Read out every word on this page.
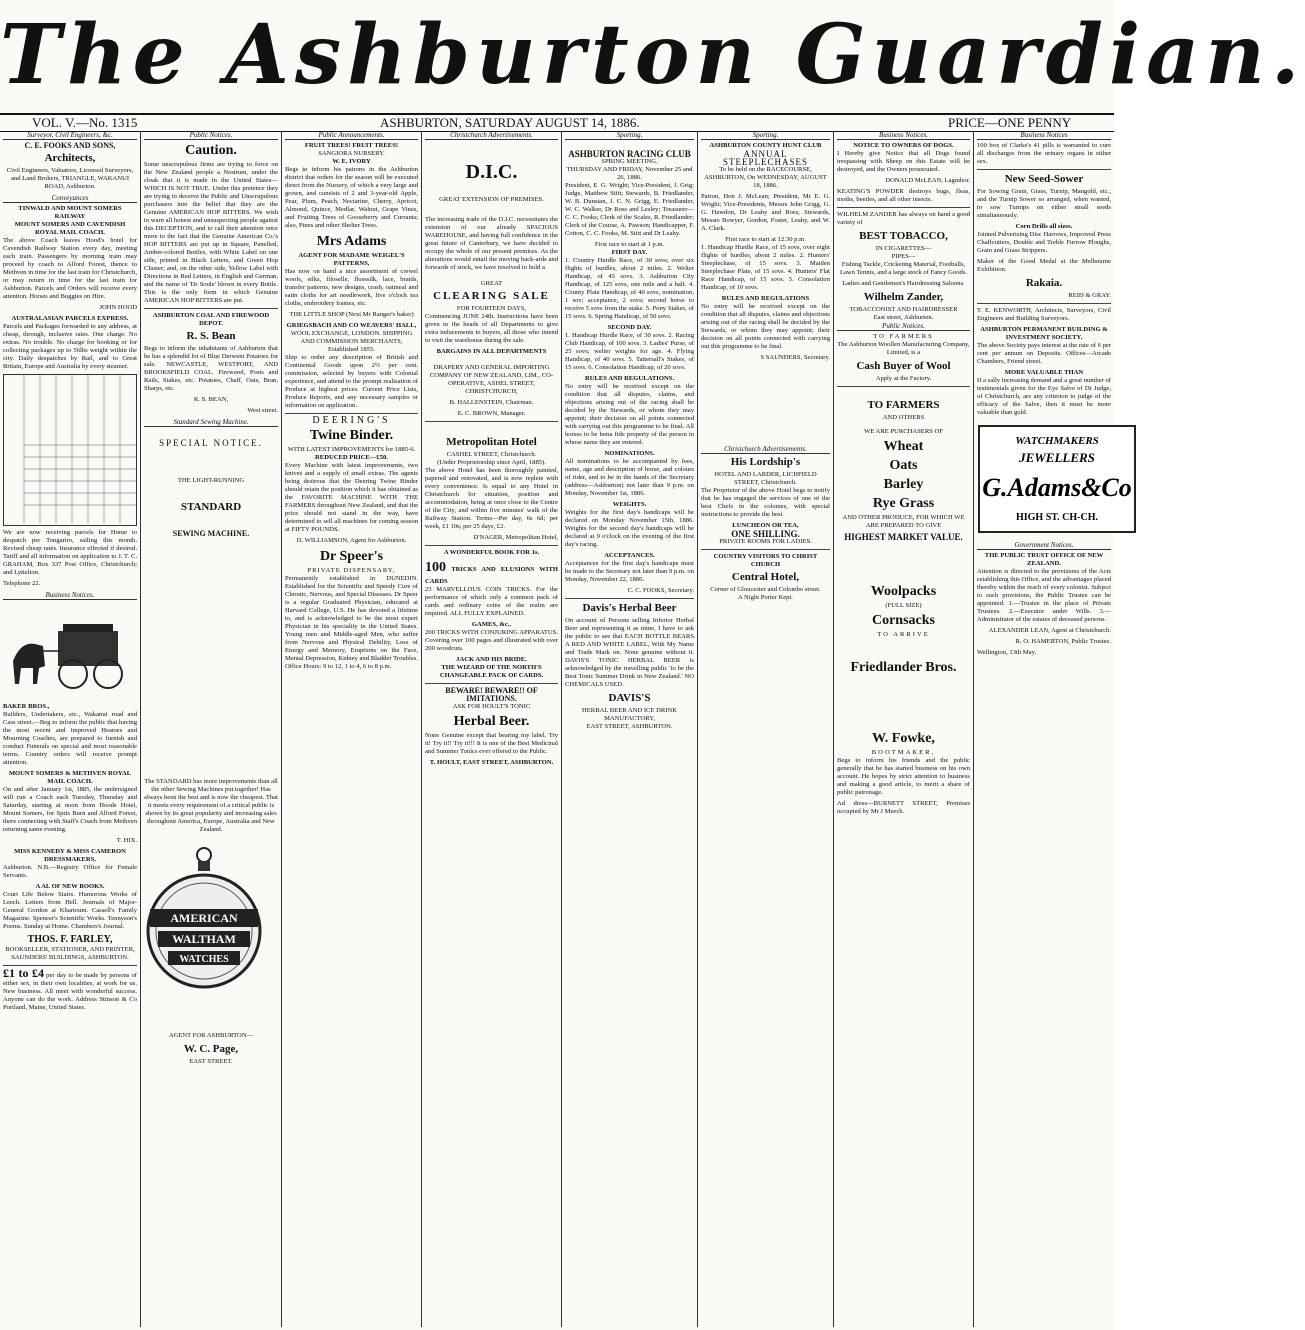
The Ashburton Guardian.
VOL. V.—No. 1315	ASHBURTON, SATURDAY AUGUST 14, 1886.	PRICE—ONE PENNY
Surveyor, Civil Engineers, &c.
C. E. FOOKS AND SONS,
Architects,

Civil Engineers, Valuators, Licensed Surveyors, and Land Brokers, TRIANGLE, WAKANUI ROAD, Ashburton.

Conveyances
TINWALD AND MOUNT SOMERS RAILWAY
MOUNT SOMERS AND CAVENDISH ROYAL MAIL COACH.

The above Coach leaves Hood's hotel for Cavendish Railway Station every day, meeting each train. Passengers by morning train may proceed by coach to Alford Forest, thence to Methven in time for the last train for Christchurch, or may return in time for the last train for Ashburton. Parcels and Orders will receive every attention. Horses and Buggies on Hire.

JOHN HOOD

AUSTRALASIAN PARCELS EXPRESS.

Parcels and Packages forwarded to any address, at cheap, through, inclusive rates. One charge. No extras. No trouble. No charge for booking or for collecting packages up to 56lbs weight within the city. Daily despatches by Rail, and to Great Britain, Europe and Australia by every steamer.

We are now receiving parcels for Home to despatch per Tongariro, sailing this month. Revised cheap rates. Insurance effected if desired. Tariff and all information on application to J. T. C. GRAHAM, Box 337 Post Office, Christchurch; and Lyttelton.

Telephone 22.

Business Notices.
BAKER BROS.,

Builders, Undertakers, etc., Wakanui road and Cass street.—Beg to inform the public that having the most recent and improved Hearses and Mourning Coaches, are prepared to furnish and conduct Funerals on special and most reasonable terms. Country orders will receive prompt attention.

MOUNT SOMERS & METHVEN ROYAL MAIL COACH.

On and after January 1st, 1885, the undersigned will run a Coach each Tuesday, Thursday and Saturday, starting at noon from Hoods Hotel, Mount Somers, for Spris Burn and Alford Forest, there connecting with Staff's Coach from Methven returning same evening.

T. HIX.

MISS KENNEDY & MISS CAMERON DRESSMAKERS,

Ashburton. N.B.—Registry Office for Female Servants.

A AL OF NEW BOOKS.

Court Life Below Stairs. Humorous Works of Leech. Letters from Hell. Journals of Major-General Gordon at Khartoum. Cassell's Family Magazine. Spencer's Scientific Works. Tennyson's Poems. Sunday at Home. Chambers's Journal.

THOS. F. FARLEY,
BOOKSELLER, STATIONER, AND PRINTER,
SAUNDERS' BUILDINGS, ASHBURTON.

£1 to £4 per day to be made by persons of either sex, in their own localities, at work for us. New business. All meet with wonderful success. Anyone can do the work. Address Stinson & Co Portland, Maine, United States.

Public Notices.
Caution.

Some unscrupulous firms are trying to force on the New Zealand people a Nostrum, under the cloak that it is made in the United States—WHICH IS NOT TRUE. Under this pretence they are trying to deceive the Public and Unscrupulous purchasers into the belief that they are the Genuine AMERICAN HOP BITTERS. We wish to warn all honest and unsuspecting people against this DECEPTION, and to call their attention once more to the fact that the Genuine American Co.'s HOP BITTERS are put up in Square, Panelled, Amber-colored Bottles, with White Label on one side, printed in Black Letters, and Green Hop Cluster; and, on the other side, Yellow Label with Directions in Red Letters, in English and German, and the name of 'Dr Soule' blown in every Bottle. This is the only form in which Genuine AMERICAN HOP BITTERS are put.

ASHBURTON COAL AND FIREWOOD DEPOT.
R. S. Bean

Begs to inform the inhabitants of Ashburton that he has a splendid lot of Blue Derwent Potatoes for sale. NEWCASTLE, WESTPORT, AND BROOKSFIELD COAL. Firewood, Posts and Rails, Stakes, etc. Potatoes, Chaff, Oats, Bran, Sharps, etc.

R. S. BEAN,

West street.

Standard Sewing Machine.
SPECIAL NOTICE.
THE LIGHT-RUNNING
STANDARD
SEWING MACHINE.

The STANDARD has more improvements than all the other Sewing Machines put together! Has always been the best and is now the cheapest. That it meets every requirement of a critical public is shown by its great popularity and increasing sales throughout America, Europe, Australia and New Zealand.

AMERICAN
WALTHAM
WATCHES

AGENT FOR ASHBURTON—

W. C. Page,

EAST STREET.

Public Announcements.
FRUIT TREES! FRUIT TREES!
SANGIORA NURSERY.
W. E. IVORY

Begs to inform his patrons in the Ashburton district that orders for the season will be executed direct from the Nursery, of which a very large and grown, and consists of 2 and 3-year-old Apple, Pear, Plum, Peach, Nectarine, Cherry, Apricot, Almond, Quince, Medlar, Walnut, Grape Vines, and Fruiting Trees of Gooseberry and Currants; also, Pines and other Shelter Trees.

Mrs Adams
AGENT FOR MADAME WEIGEL'S PATTERNS,

Has now on hand a nice assortment of crewel wools, silks, filoselle, flosssilk, lace, braids, transfer patterns, new designs, crash, oatmeal and satin cloths for art needlework, five o'clock tea cloths, embroidery frames, etc.

THE LITTLE SHOP (Next Mr Ranger's baker)

GRIEGSBACH AND CO WEAVERS' HALL,
WOOL EXCHANGE, LONDON. SHIPPING AND COMMISSION MERCHANTS,
Established 1855.

Ship to order any description of British and Continental Goods upon 2½ per cent. commission, selected by buyers with Colonial experience, and attend to the prompt realisation of Produce at highest prices. Current Price Lists, Produce Reports, and any necessary samples or information on application.

DEERING'S
Twine Binder.
WITH LATEST IMPROVEMENTS for 1885-6.
REDUCED PRICE—£50.

Every Machine with latest improvements, two knives and a supply of small extras. The agents being desirous that the Deering Twine Binder should retain the position which it has obtained as the FAVORITE MACHINE WITH THE FARMERS throughout New Zealand, and that the price should not stand in the way, have determined to sell all machines for coming season at FIFTY POUNDS.

D. WILLIAMSON, Agent for Ashburton.

Dr Speer's
PRIVATE DISPENSARY,

Permanently established in DUNEDIN. Established for the Scientific and Speedy Cure of Chronic, Nervous, and Special Diseases. Dr Speer is a regular Graduated Physician, educated at Harvard College, U.S. He has devoted a lifetime to, and is acknowledged to be the most expert Physician in his speciality in the United States. Young men and Middle-aged Men, who suffer from Nervous and Physical Debility, Loss of Energy and Memory, Eruptions on the Face, Mental Depression, Kidney and Bladder Troubles. Office Hours: 9 to 12, 1 to 4, 6 to 8 p.m.

Christchurch Advertisements.
D.I.C.
GREAT EXTENSION OF PREMISES.

The increasing trade of the D.I.C. necessitates the extension of our already SPACIOUS WAREHOUSE, and having full confidence in the great future of Canterbury, we have decided to occupy the whole of our present premises. As the alterations would entail the moving back-ards and forwards of stock, we have resolved to hold a

GREAT
CLEARING SALE
FOR FOURTEEN DAYS,

Commencing JUNE 24th. Instructions have been given to the heads of all Departments to give extra inducements to buyers, all those who intend to visit the warehouse during the sale.

BARGAINS IN ALL DEPARTMENTS

DRAPERY AND GENERAL IMPORTING COMPANY OF NEW ZEALAND, LIM., CO-OPERATIVE, ASHEL STREET, CHRISTCHURCH,

B. HALLENSTEIN, Chairman.

E. C. BROWN, Manager.

Metropolitan Hotel
CASHEL STREET, Christchurch.
(Under Proprietorship since April, 1885).

The above Hotel has been thoroughly painted, papered and renovated, and is now replete with every convenience. Is equal to any Hotel in Christchurch for situation, position and accommodation, being at once close to the Centre of the City, and within five minutes' walk of the Railway Station. Terms—Per day, 6s 6d; per week, £1 10s; per 25 days, £2.

D'NAGER, Metropolitan Hotel,

A WONDERFUL BOOK FOR 1s.
100 TRICKS AND ELUSIONS WITH CARDS

23 MARVELLOUS COIN TRICKS. For the performance of which only a common pack of cards and ordinary coins of the realm are required. ALL FULLY EXPLAINED.

GAMES, &c.,

200 TRICKS WITH CONJURING APPARATUS. Covering over 100 pages and illustrated with over 200 woodcuts.

JACK AND HIS BRIDE.
THE WIZARD OF THE NORTH'S CHANGEABLE PACK OF CARDS.
BEWARE! BEWARE!! OF IMITATIONS.
ASK FOR HOULT'S TONIC
Herbal Beer.

None Genuine except that bearing my label. Try it! Try it!! Try it!!! It is one of the Best Medicinal and Summer Tonics ever offered to the Public.

T. HOULT, EAST STREET, ASHBURTON.

Sporting.
ASHBURTON RACING CLUB
SPRING MEETING.
THURSDAY AND FRIDAY, November 25 and 26, 1886.

President, E. G. Wright; Vice-President, J. Grig; Judge, Matthew Stitt; Stewards, B. Friedlander, W. B. Dunstan, J. C. N. Grigg, E. Friedlander, W. C. Walker, Dr Ross and Lesley; Treasurer—C. C. Fooks; Clerk of the Scales, R. Friedlander; Clerk of the Course, A. Pawson; Handicapper, F. Cotton, C. C. Fooks, M. Stitt and Dr Leahy.

First race to start at 1 p.m.
FIRST DAY.

1. Country Hurdle Race, of 30 sovs; over six flights of hurdles, about 2 miles. 2. Welter Handicap, of 45 sovs. 3. Ashburton City Handicap, of 125 sovs, one mile and a half. 4. County Plate Handicap, of 40 sovs, nomination, 1 sov; acceptance, 2 sovs; second horse to receive 5 sovs from the stake. 5. Pony Stakes, of 15 sovs. 6. Spring Handicap, of 50 sovs.

SECOND DAY.

1. Handicap Hurdle Race, of 30 sovs. 2. Racing Club Handicap, of 100 sovs. 3. Ladies' Purse, of 25 sovs; welter weights for age. 4. Flying Handicap, of 40 sovs. 5. Tattersall's Stakes, of 15 sovs. 6. Consolation Handicap, of 20 sovs.

RULES AND REGULATIONS.

No entry will be received except on the condition that all disputes, claims, and objections arising out of the racing shall be decided by the Stewards, or whom they may appoint; their decision on all points connected with carrying out this programme to be final. All horses to be bona fide property of the person in whose name they are entered.

NOMINATIONS.

All nominations to be accompanied by fees, name, age and description of horse, and colours of rider, and to be in the hands of the Secretary (address—Ashburton) not later than 9 p.m. on Monday, November 1st, 1886.

WEIGHTS.

Weights for the first day's handicaps will be declared on Monday November 15th, 1886. Weights for the second day's handicaps will be declared at 9 o'clock on the evening of the first day's racing.

ACCEPTANCES.

Acceptances for the first day's handicaps must be made to the Secretary not later than 9 p.m. on Monday, November 22, 1886.

C. C. FOOKS, Secretary.

Davis's Herbal Beer

On account of Persons selling Inferior Herbal Beer and representing it as mine, I have to ask the public to see that EACH BOTTLE BEARS A RED AND WHITE LABEL, With My Name and Trade Mark on. None genuine without it. DAVIS'S TONIC HERBAL BEER is acknowledged by the travelling public 'to be the Best Tonic Summer Drink in New Zealand.' NO CHEMICALS USED.

DAVIS'S
HERBAL BEER AND ICE DRINK MANUFACTORY,
EAST STREET, ASHBURTON.
Sporting.
ASHBURTON COUNTY HUNT CLUB
ANNUAL STEEPLECHASES

To be held on the RACECOURSE, ASHBURTON, On WEDNESDAY, AUGUST 18, 1886.

Patron, Hon J. McLean; President, Mr E. G. Wright; Vice-Presidents, Messrs John Grigg, G. G. Hawdon, Dr Leahy and Ross; Stewards, Messrs Bowyer, Gordon, Foster, Leahy, and W. A. Clark.

First race to start at 12.30 p.m.

1. Handicap Hurdle Race, of 15 sovs, over eight flights of hurdles, about 2 miles. 2. Hunters' Steeplechase, of 15 sovs. 3. Maiden Steeplechase Plate, of 15 sovs. 4. Hunters' Flat Race Handicap, of 15 sovs. 5. Consolation Handicap, of 10 sovs.

RULES AND REGULATIONS

No entry will be received except on the condition that all disputes, claims and objections arising out of the racing shall be decided by the Stewards, or whom they may appoint; their decision on all points connected with carrying out this programme to be final.

S SAUNDERS, Secretary.

Christchurch Advertisements.
His Lordship's
HOTEL AND LARDER, LICHFIELD STREET, Christchurch.

The Proprietor of the above Hotel begs to notify that he has engaged the services of one of the best Chefs in the colonies, with special instructions to provide the best

LUNCHEON OR TEA,
ONE SHILLING.
PRIVATE ROOMS FOR LADIES.
COUNTRY VISITORS TO CHRIST CHURCH
Central Hotel,
Corner of Gloucester and Colombo street.
A Night Porter Kept.
Business Notices.
NOTICE TO OWNERS OF DOGS.

I Hereby give Notice that all Dogs found trespassing with Sheep on this Estate will be destroyed, and the Owners prosecuted.

DONALD McLEAN, Lagmhor.

KEATING'S POWDER destroys bugs, fleas, moths, beetles, and all other insects.

WILHELM ZANDER has always on hand a good variety of

BEST TOBACCO,
IN CIGARETTES—
PIPES—

Fishing Tackle, Cricketing Material, Footballs, Lawn Tennis, and a large stock of Fancy Goods.

Ladies and Gentlemen's Hairdressing Saloons.

Wilhelm Zander,
TOBACCONIST AND HAIRDRESSER
East street, Ashburton.
Public Notices.
TO FARMERS

The Ashburton Woollen Manufacturing Company, Limited, is a

Cash Buyer of Wool

Apply at the Factory.

TO FARMERS
AND OTHERS
WE ARE PURCHASERS OF
Wheat
Oats
Barley
Rye Grass

AND OTHER PRODUCE, FOR WHICH WE ARE PREPARED TO GIVE

HIGHEST MARKET VALUE.
Woolpacks
(FULL SIZE)
Cornsacks
TO ARRIVE
Friedlander Bros.
W. Fowke,
BOOTMAKER,

Begs to inform his friends and the public generally that he has started business on his own account. He hopes by strict attention to business and making a good article, to merit a share of public patronage.

Ad dress—BURNETT STREET, Premises occupied by Mr J Meech.

Business Notices

100 box of Clarke's 41 pills is warranted to cure all discharges from the urinary organs in either sex.

New Seed-Sower

For Sowing Grain, Grass, Turnip, Mangold, etc., and the Turnip Sower so arranged, when wanted, to sow Turnips on either small seeds simultaneously.

Corn Drills all sizes.

Jointed Pulverising Disc Harrows, Improved Press Chaffcutters, Double and Treble Furrow Ploughs, Grain and Grass Strippers.

Maker of the Good Medal at the Melbourne Exhibition.

Rakaia.

REID & GRAY.

T. E. KENWORTH, Architects, Surveyors, Civil Engineers and Building Surveyors.

ASHBURTON PERMANENT BUILDING & INVESTMENT SOCIETY.

The above Society pays interest at the rate of 6 per cent per annum on Deposits. Offices—Arcade Chambers, Friend street.

MORE VALUABLE THAN

If a sally increasing demand and a great number of testimonials given for the Eye Salve of Dr Judge, of Christchurch, are any criterion to judge of the efficacy of the Salve, then it must be more valuable than gold.

WATCHMAKERS
JEWELLERS
G.Adams&Co
HIGH ST. CH-CH.
Government Notices.
THE PUBLIC TRUST OFFICE OF NEW ZEALAND.

Attention is directed to the provisions of the Acts establishing this Office, and the advantages placed thereby within the reach of every colonist. Subject to such provisions, the Public Trustee can be appointed. 1.—Trustee in the place of Private Trustees. 2.—Executor under Wills. 3.—Administrator of the estates of deceased persons.

ALEXANDER LEAN, Agent at Christchurch.

R. O. HAMERTON, Public Trustee.

Wellington, 13th May.
